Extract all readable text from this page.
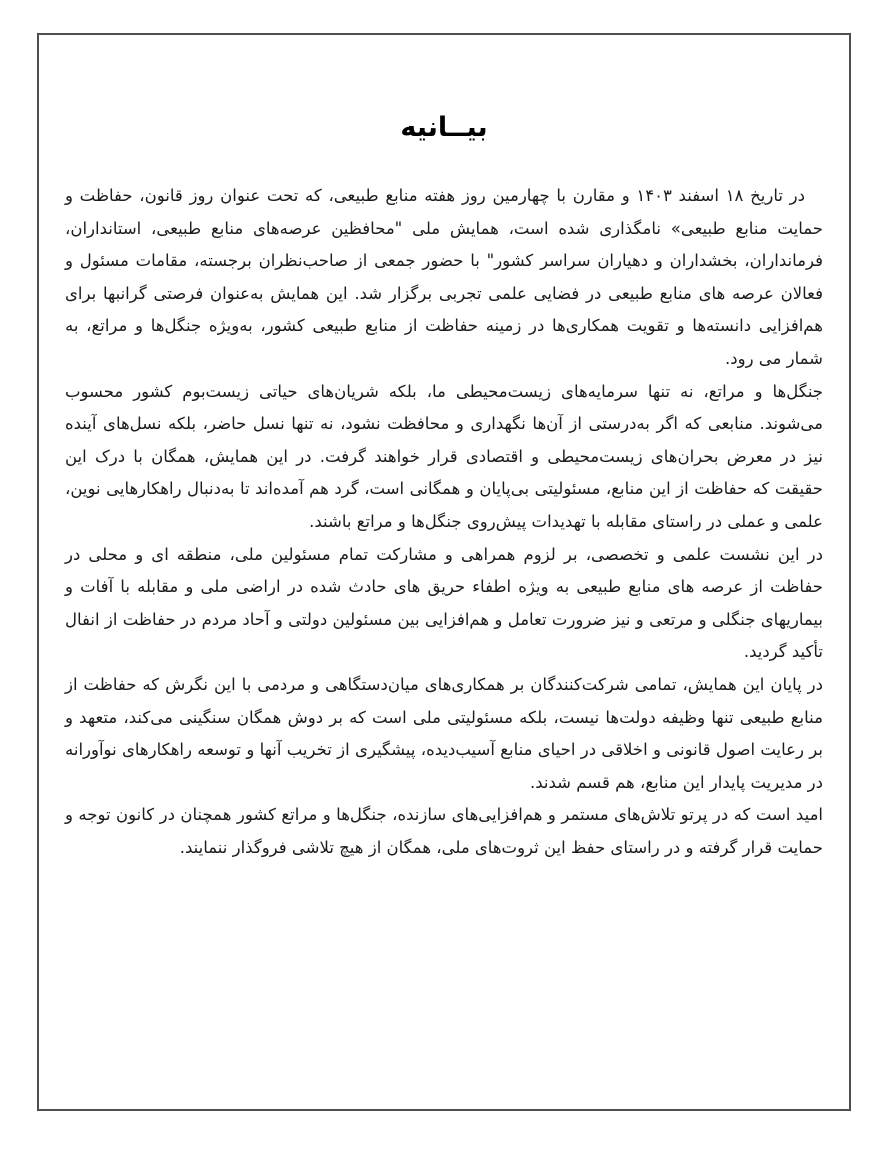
بیــانیه

در تاریخ ۱۸ اسفند ۱۴۰۳ و مقارن با چهارمین روز هفته منابع طبیعی، که تحت عنوان روز قانون، حفاظت و حمایت منابع طبیعی» نامگذاری شده است، همایش ملی "محافظین عرصه‌های منابع طبیعی، استانداران، فرمانداران، بخشداران و دهیاران سراسر کشور" با حضور جمعی از صاحب‌نظران برجسته، مقامات مسئول و فعالان عرصه های منابع طبیعی در فضایی علمی تجربی برگزار شد. این همایش به‌عنوان فرصتی گرانبها برای هم‌افزایی دانسته‌ها و تقویت همکاری‌ها در زمینه حفاظت از منابع طبیعی کشور، به‌ویژه جنگل‌ها و مراتع، به شمار می رود.

جنگل‌ها و مراتع، نه تنها سرمایه‌های زیست‌محیطی ما، بلکه شریان‌های حیاتی زیست‌بوم کشور محسوب می‌شوند. منابعی که اگر به‌درستی از آن‌ها نگهداری و محافظت نشود، نه تنها نسل حاضر، بلکه نسل‌های آینده نیز در معرض بحران‌های زیست‌محیطی و اقتصادی قرار خواهند گرفت. در این همایش، همگان با درک این حقیقت که حفاظت از این منابع، مسئولیتی بی‌پایان و همگانی است، گرد هم آمده‌اند تا به‌دنبال راهکارهایی نوین، علمی و عملی در راستای مقابله با تهدیدات پیش‌روی جنگل‌ها و مراتع باشند.

در این نشست علمی و تخصصی، بر لزوم همراهی و مشارکت تمام مسئولین ملی، منطقه ای و محلی در حفاظت از عرصه های منابع طبیعی به ویژه اطفاء حریق های حادث شده در اراضی ملی و مقابله با آفات و بیماریهای جنگلی و مرتعی و نیز ضرورت تعامل و هم‌افزایی بین مسئولین دولتی و آحاد مردم در حفاظت از انفال تأکید گردید.

در پایان این همایش، تمامی شرکت‌کنندگان بر همکاری‌های میان‌دستگاهی و مردمی با این نگرش که حفاظت از منابع طبیعی تنها وظیفه دولت‌ها نیست، بلکه مسئولیتی ملی است که بر دوش همگان سنگینی می‌کند، متعهد و بر رعایت اصول قانونی و اخلاقی در احیای منابع آسیب‌دیده، پیشگیری از تخریب آنها و توسعه راهکارهای نوآورانه در مدیریت پایدار این منابع، هم قسم شدند.

امید است که در پرتو تلاش‌های مستمر و هم‌افزایی‌های سازنده، جنگل‌ها و مراتع کشور همچنان در کانون توجه و حمایت قرار گرفته و در راستای حفظ این ثروت‌های ملی، همگان از هیچ تلاشی فروگذار ننمایند.
